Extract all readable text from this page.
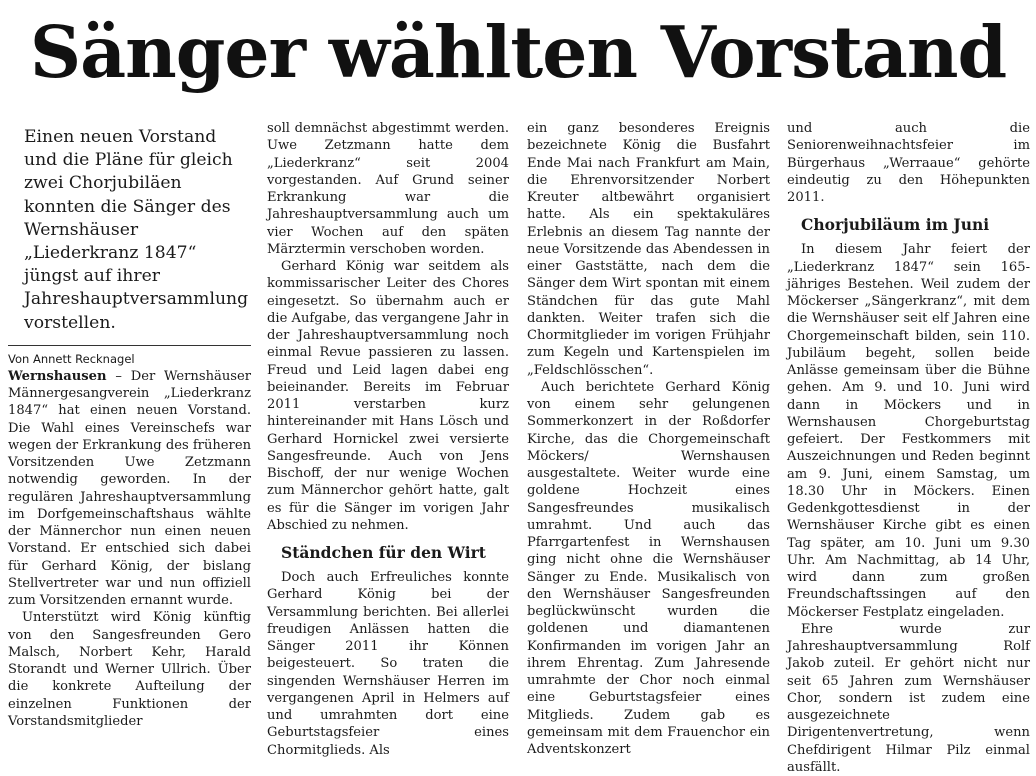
Sänger wählten Vorstand

Einen neuen Vorstand und die Pläne für gleich zwei Chorjubiläen konnten die Sänger des Wernshäuser „Liederkranz 1847“ jüngst auf ihrer Jahreshauptversammlung vorstellen.

Von Annett Recknagel

Wernshausen – Der Wernshäuser Männergesangverein „Liederkranz 1847“ hat einen neuen Vorstand. Die Wahl eines Vereinschefs war wegen der Erkrankung des früheren Vorsitzenden Uwe Zetzmann notwendig geworden. In der regulären Jahreshauptversammlung im Dorfgemeinschaftshaus wählte der Männerchor nun einen neuen Vorstand. Er entschied sich dabei für Gerhard König, der bislang Stellvertreter war und nun offiziell zum Vorsitzenden ernannt wurde.

Unterstützt wird König künftig von den Sangesfreunden Gero Malsch, Norbert Kehr, Harald Storandt und Werner Ullrich. Über die konkrete Aufteilung der einzelnen Funktionen der Vorstandsmitglieder

soll demnächst abgestimmt werden. Uwe Zetzmann hatte dem „Liederkranz“ seit 2004 vorgestanden. Auf Grund seiner Erkrankung war die Jahreshauptversammlung auch um vier Wochen auf den späten Märztermin verschoben worden.

Gerhard König war seitdem als kommissarischer Leiter des Chores eingesetzt. So übernahm auch er die Aufgabe, das vergangene Jahr in der Jahreshauptversammlung noch einmal Revue passieren zu lassen. Freud und Leid lagen dabei eng beieinander. Bereits im Februar 2011 verstarben kurz hintereinander mit Hans Lösch und Gerhard Hornickel zwei versierte Sangesfreunde. Auch von Jens Bischoff, der nur wenige Wochen zum Männerchor gehört hatte, galt es für die Sänger im vorigen Jahr Abschied zu nehmen.

Ständchen für den Wirt

Doch auch Erfreuliches konnte Gerhard König bei der Versammlung berichten. Bei allerlei freudigen Anlässen hatten die Sänger 2011 ihr Können beigesteuert. So traten die singenden Wernshäuser Herren im vergangenen April in Helmers auf und umrahmten dort eine Geburtstagsfeier eines Chormitglieds. Als

ein ganz besonderes Ereignis bezeichnete König die Busfahrt Ende Mai nach Frankfurt am Main, die Ehrenvorsitzender Norbert Kreuter altbewährt organisiert hatte. Als ein spektakuläres Erlebnis an diesem Tag nannte der neue Vorsitzende das Abendessen in einer Gaststätte, nach dem die Sänger dem Wirt spontan mit einem Ständchen für das gute Mahl dankten. Weiter trafen sich die Chormitglieder im vorigen Frühjahr zum Kegeln und Kartenspielen im „Feldschlösschen“.

Auch berichtete Gerhard König von einem sehr gelungenen Sommerkonzert in der Roßdorfer Kirche, das die Chorgemeinschaft Möckers/ Wernshausen ausgestaltete. Weiter wurde eine goldene Hochzeit eines Sangesfreundes musikalisch umrahmt. Und auch das Pfarrgartenfest in Wernshausen ging nicht ohne die Wernshäuser Sänger zu Ende. Musikalisch von den Wernshäuser Sangesfreunden beglückwünscht wurden die goldenen und diamantenen Konfirmanden im vorigen Jahr an ihrem Ehrentag. Zum Jahresende umrahmte der Chor noch einmal eine Geburtstagsfeier eines Mitglieds. Zudem gab es gemeinsam mit dem Frauenchor ein Adventskonzert

und auch die Seniorenweihnachtsfeier im Bürgerhaus „Werraaue“ gehörte eindeutig zu den Höhepunkten 2011.

Chorjubiläum im Juni

In diesem Jahr feiert der „Liederkranz 1847“ sein 165-jähriges Bestehen. Weil zudem der Möckerser „Sängerkranz“, mit dem die Wernshäuser seit elf Jahren eine Chorgemeinschaft bilden, sein 110. Jubiläum begeht, sollen beide Anlässe gemeinsam über die Bühne gehen. Am 9. und 10. Juni wird dann in Möckers und in Wernshausen Chorgeburtstag gefeiert. Der Festkommers mit Auszeichnungen und Reden beginnt am 9. Juni, einem Samstag, um 18.30 Uhr in Möckers. Einen Gedenkgottesdienst in der Wernshäuser Kirche gibt es einen Tag später, am 10. Juni um 9.30 Uhr. Am Nachmittag, ab 14 Uhr, wird dann zum großen Freundschaftssingen auf den Möckerser Festplatz eingeladen.

Ehre wurde zur Jahreshauptversammlung Rolf Jakob zuteil. Er gehört nicht nur seit 65 Jahren zum Wernshäuser Chor, sondern ist zudem eine ausgezeichnete Dirigentenvertretung, wenn Chefdirigent Hilmar Pilz einmal ausfällt.
